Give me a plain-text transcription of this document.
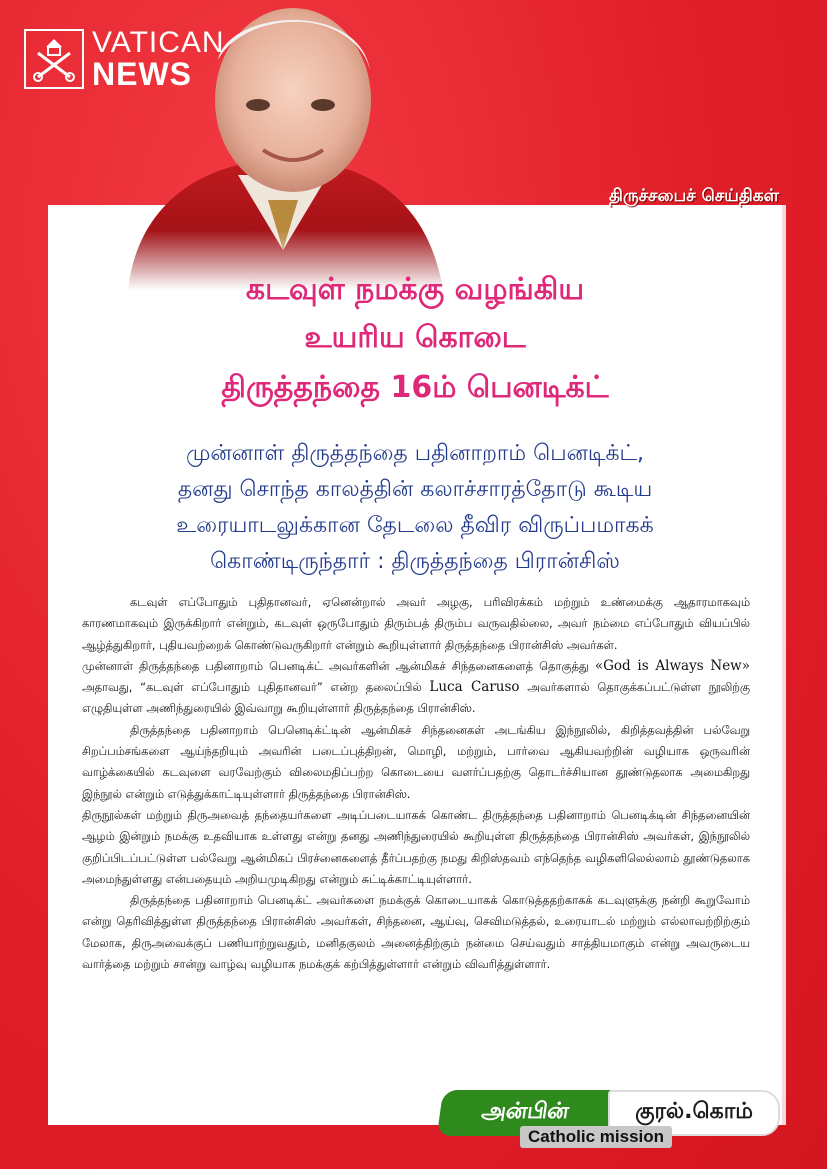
VATICAN
NEWS
திருச்சபைச் செய்திகள்
கடவுள் நமக்கு வழங்கிய
உயரிய கொடை
திருத்தந்தை 16ம் பெனடிக்ட்
முன்னாள் திருத்தந்தை பதினாறாம் பெனடிக்ட்,
தனது சொந்த காலத்தின் கலாச்சாரத்தோடு கூடிய
உரையாடலுக்கான தேடலை தீவிர விருப்பமாகக்
கொண்டிருந்தார் : திருத்தந்தை பிரான்சிஸ்

கடவுள் எப்போதும் புதிதானவர், ஏனென்றால் அவர் அழகு, பரிவிரக்கம் மற்றும் உண்மைக்கு ஆதாரமாகவும் காரணமாகவும் இருக்கிறார் என்றும், கடவுள் ஒருபோதும் திரும்பத் திரும்ப வருவதில்லை, அவர் நம்மை எப்போதும் வியப்பில் ஆழ்த்துகிறார், புதியவற்றைக் கொண்டுவருகிறார் என்றும் கூறியுள்ளார் திருத்தந்தை பிரான்சிஸ் அவர்கள்.

முன்னாள் திருத்தந்தை பதினாறாம் பெனடிக்ட் அவர்களின் ஆன்மிகச் சிந்தனைகளைத் தொகுத்து «God is Always New» அதாவது, “கடவுள் எப்போதும் புதிதானவர்” என்ற தலைப்பில் Luca Caruso அவர்களால் தொகுக்கப்பட்டுள்ள நூலிற்கு எழுதியுள்ள அணிந்துரையில் இவ்வாறு கூறியுள்ளார் திருத்தந்தை பிரான்சிஸ்.

திருத்தந்தை பதினாறாம் பெனெடிக்ட்டின் ஆன்மிகச் சிந்தனைகள் அடங்கிய இந்நூலில், கிறித்தவத்தின் பல்வேறு சிறப்பம்சங்களை ஆய்ந்தறியும் அவரின் படைப்புத்திறன், மொழி, மற்றும், பார்வை ஆகியவற்றின் வழியாக ஒருவரின் வாழ்க்கையில் கடவுளை வரவேற்கும் விலைமதிப்பற்ற கொடையை வளர்ப்பதற்கு தொடர்ச்சியான தூண்டுதலாக அமைகிறது இந்நூல் என்றும் எடுத்துக்காட்டியுள்ளார் திருத்தந்தை பிரான்சிஸ்.

திருநூல்கள் மற்றும் திருஅவைத் தந்தையர்களை அடிப்படையாகக் கொண்ட திருத்தந்தை பதினாறாம் பெனடிக்டின் சிந்தனையின் ஆழம் இன்றும் நமக்கு உதவியாக உள்ளது என்று தனது அணிந்துரையில் கூறியுள்ள திருத்தந்தை பிரான்சிஸ் அவர்கள், இந்நூலில் குறிப்பிடப்பட்டுள்ள பல்வேறு ஆன்மிகப் பிரச்னைகளைத் தீர்ப்பதற்கு நமது கிறிஸ்தவம் எந்தெந்த வழிகளிலெல்லாம் தூண்டுதலாக அமைந்துள்ளது என்பதையும் அறியமுடிகிறது என்றும் சுட்டிக்காட்டியுள்ளார்.

திருத்தந்தை பதினாறாம் பெனடிக்ட் அவர்களை நமக்குக் கொடையாகக் கொடுத்ததற்காகக் கடவுளுக்கு நன்றி கூறுவோம் என்று தெரிவித்துள்ள திருத்தந்தை பிரான்சிஸ் அவர்கள், சிந்தனை, ஆய்வு, செவிமடுத்தல், உரையாடல் மற்றும் எல்லாவற்றிற்கும் மேலாக, திருஅவைக்குப் பணியாற்றுவதும், மனிதகுலம் அனைத்திற்கும் நன்மை செய்வதும் சாத்தியமாகும் என்று அவருடைய வார்த்தை மற்றும் சான்று வாழ்வு வழியாக நமக்குக் கற்பித்துள்ளார் என்றும் விவரித்துள்ளார்.

அன்பின்	குரல்.கொம்
Catholic mission
